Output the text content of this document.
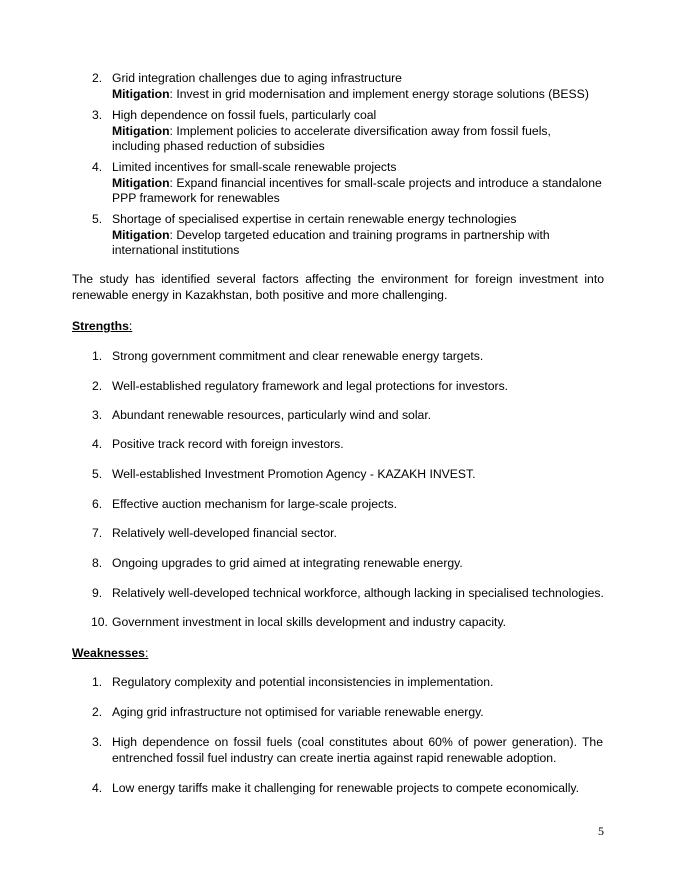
2. Grid integration challenges due to aging infrastructure
Mitigation: Invest in grid modernisation and implement energy storage solutions (BESS)
3. High dependence on fossil fuels, particularly coal
Mitigation: Implement policies to accelerate diversification away from fossil fuels, including phased reduction of subsidies
4. Limited incentives for small-scale renewable projects
Mitigation: Expand financial incentives for small-scale projects and introduce a standalone PPP framework for renewables
5. Shortage of specialised expertise in certain renewable energy technologies
Mitigation: Develop targeted education and training programs in partnership with international institutions

The study has identified several factors affecting the environment for foreign investment into renewable energy in Kazakhstan, both positive and more challenging.

Strengths:
1. Strong government commitment and clear renewable energy targets.
2. Well-established regulatory framework and legal protections for investors.
3. Abundant renewable resources, particularly wind and solar.
4. Positive track record with foreign investors.
5. Well-established Investment Promotion Agency - KAZAKH INVEST.
6. Effective auction mechanism for large-scale projects.
7. Relatively well-developed financial sector.
8. Ongoing upgrades to grid aimed at integrating renewable energy.
9. Relatively well-developed technical workforce, although lacking in specialised technologies.
10. Government investment in local skills development and industry capacity.
Weaknesses:
1. Regulatory complexity and potential inconsistencies in implementation.
2. Aging grid infrastructure not optimised for variable renewable energy.
3. High dependence on fossil fuels (coal constitutes about 60% of power generation). The entrenched fossil fuel industry can create inertia against rapid renewable adoption.
4. Low energy tariffs make it challenging for renewable projects to compete economically.
5
